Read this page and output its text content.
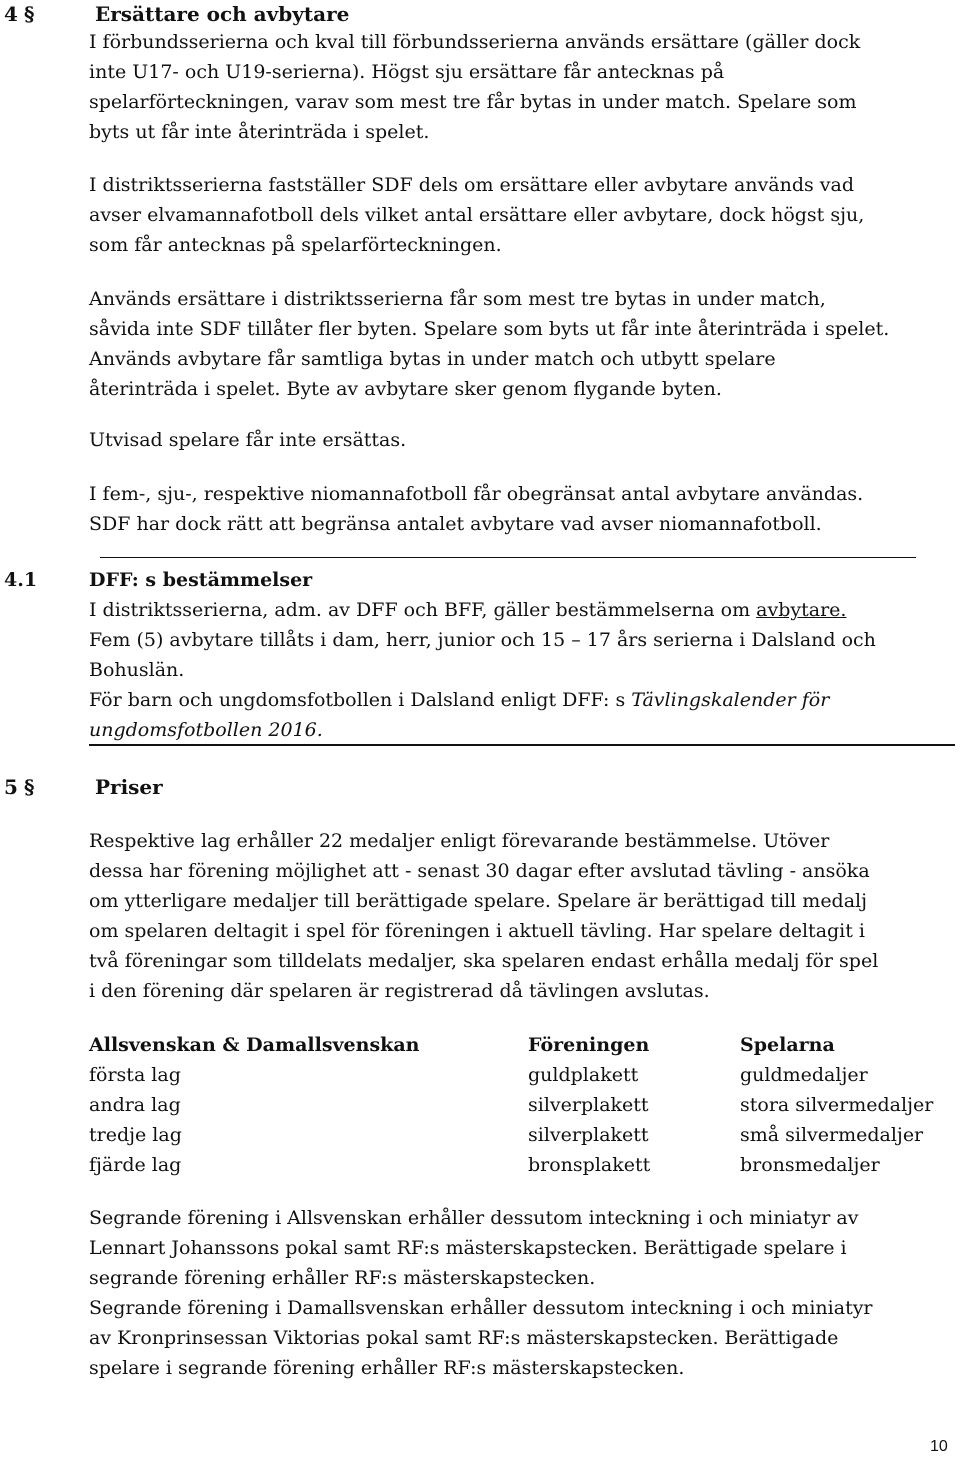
4 §	Ersättare och avbytare
I förbundsserierna och kval till förbundsserierna används ersättare (gäller dock
inte U17- och U19-serierna). Högst sju ersättare får antecknas på
spelarförteckningen, varav som mest tre får bytas in under match. Spelare som
byts ut får inte återinträda i spelet.
I distriktsserierna fastställer SDF dels om ersättare eller avbytare används vad
avser elvamannafotboll dels vilket antal ersättare eller avbytare, dock högst sju,
som får antecknas på spelarförteckningen.
Används ersättare i distriktsserierna får som mest tre bytas in under match,
såvida inte SDF tillåter fler byten. Spelare som byts ut får inte återinträda i spelet.
Används avbytare får samtliga bytas in under match och utbytt spelare
återinträda i spelet. Byte av avbytare sker genom flygande byten.
Utvisad spelare får inte ersättas.
I fem-, sju-, respektive niomannafotboll får obegränsat antal avbytare användas.
SDF har dock rätt att begränsa antalet avbytare vad avser niomannafotboll.
4.1	DFF: s bestämmelser
I distriktsserierna, adm. av DFF och BFF, gäller bestämmelserna om avbytare.
Fem (5) avbytare tillåts i dam, herr, junior och 15 – 17 års serierna i Dalsland och
Bohuslän.
För barn och ungdomsfotbollen i Dalsland enligt DFF: s Tävlingskalender för
ungdomsfotbollen 2016.
5 §	Priser
Respektive lag erhåller 22 medaljer enligt förevarande bestämmelse. Utöver
dessa har förening möjlighet att - senast 30 dagar efter avslutad tävling - ansöka
om ytterligare medaljer till berättigade spelare. Spelare är berättigad till medalj
om spelaren deltagit i spel för föreningen i aktuell tävling. Har spelare deltagit i
två föreningar som tilldelats medaljer, ska spelaren endast erhålla medalj för spel
i den förening där spelaren är registrerad då tävlingen avslutas.
Allsvenskan & Damallsvenskan	Föreningen	Spelarna
första lag	guldplakett	guldmedaljer
andra lag	silverplakett	stora silvermedaljer
tredje lag	silverplakett	små silvermedaljer
fjärde lag	bronsplakett	bronsmedaljer
Segrande förening i Allsvenskan erhåller dessutom inteckning i och miniatyr av
Lennart Johanssons pokal samt RF:s mästerskapstecken. Berättigade spelare i
segrande förening erhåller RF:s mästerskapstecken.
Segrande förening i Damallsvenskan erhåller dessutom inteckning i och miniatyr
av Kronprinsessan Viktorias pokal samt RF:s mästerskapstecken. Berättigade
spelare i segrande förening erhåller RF:s mästerskapstecken.
10
